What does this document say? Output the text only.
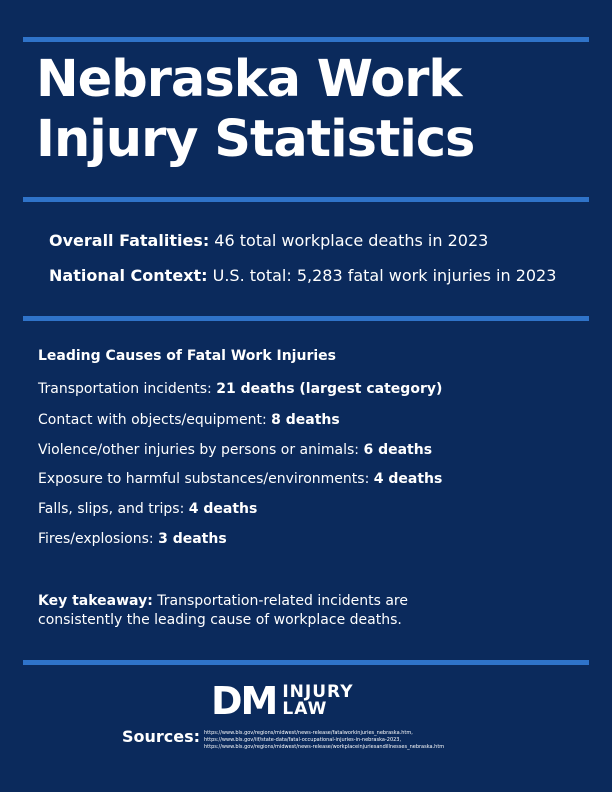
Nebraska Work
Injury Statistics
Overall Fatalities: 46 total workplace deaths in 2023
National Context: U.S. total: 5,283 fatal work injuries in 2023
Leading Causes of Fatal Work Injuries
Transportation incidents: 21 deaths (largest category)
Contact with objects/equipment: 8 deaths
Violence/other injuries by persons or animals: 6 deaths
Exposure to harmful substances/environments: 4 deaths
Falls, slips, and trips: 4 deaths
Fires/explosions: 3 deaths
Key takeaway: Transportation-related incidents are consistently the leading cause of workplace deaths.
DM INJURY
LAW
Sources: https://www.bls.gov/regions/midwest/news-release/fatalworkinjuries_nebraska.htm,
https://www.bls.gov/iif/state-data/fatal-occupational-injuries-in-nebraska-2023,
https://www.bls.gov/regions/midwest/news-release/workplaceinjuriesandillnesses_nebraska.htm
